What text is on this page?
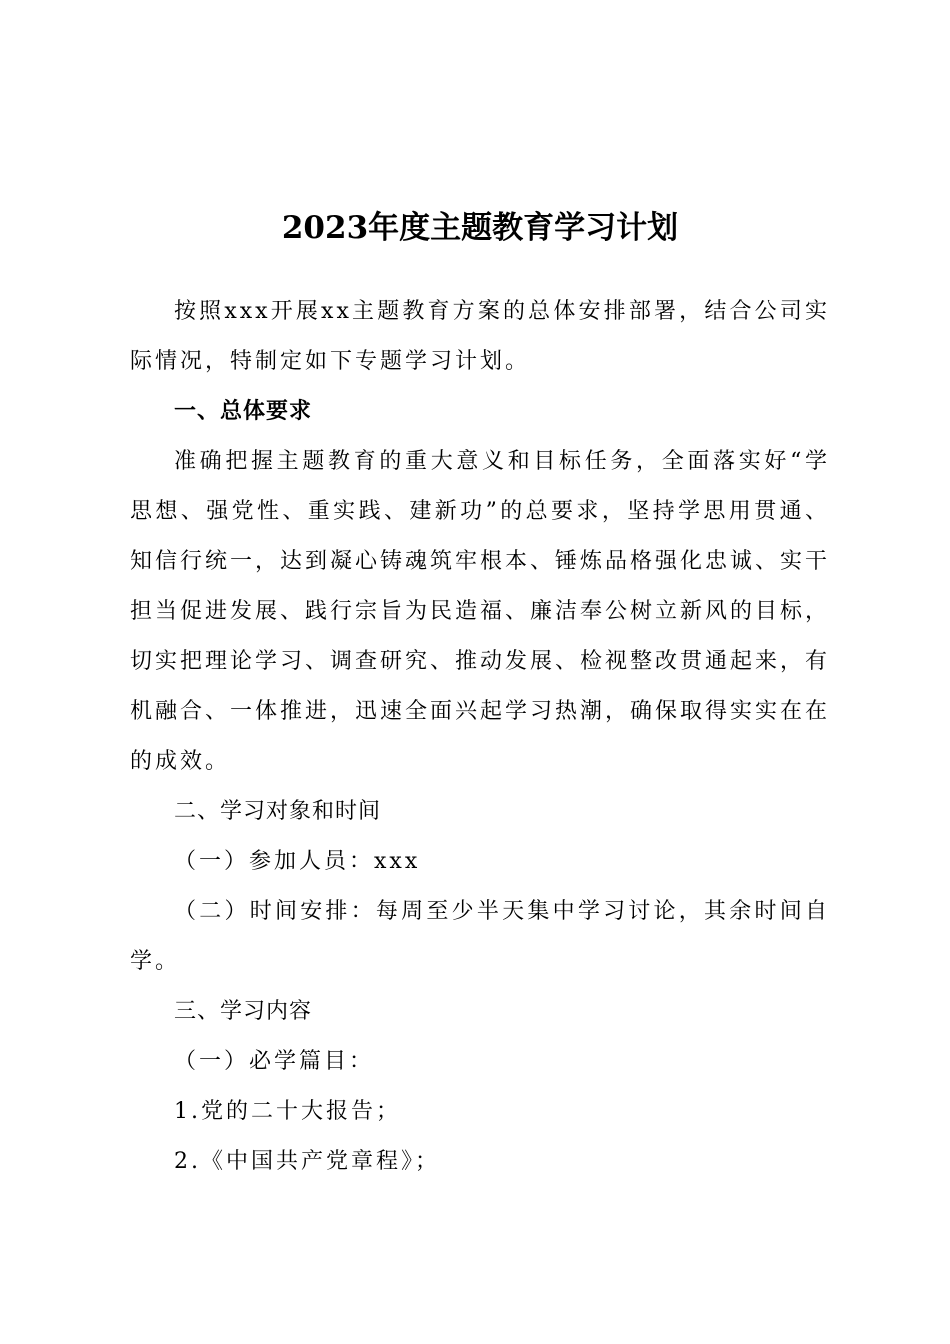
2023年度主题教育学习计划

按照xxx开展xx主题教育方案的总体安排部署，结合公司实际情况，特制定如下专题学习计划。

一、总体要求

准确把握主题教育的重大意义和目标任务，全面落实好“学思想、强党性、重实践、建新功”的总要求，坚持学思用贯通、知信行统一，达到凝心铸魂筑牢根本、锤炼品格强化忠诚、实干担当促进发展、践行宗旨为民造福、廉洁奉公树立新风的目标，切实把理论学习、调查研究、推动发展、检视整改贯通起来，有机融合、一体推进，迅速全面兴起学习热潮，确保取得实实在在的成效。

二、学习对象和时间

（一）参加人员：xxx

（二）时间安排：每周至少半天集中学习讨论，其余时间自学。

三、学习内容

（一）必学篇目：

1.党的二十大报告；

2.《中国共产党章程》；
